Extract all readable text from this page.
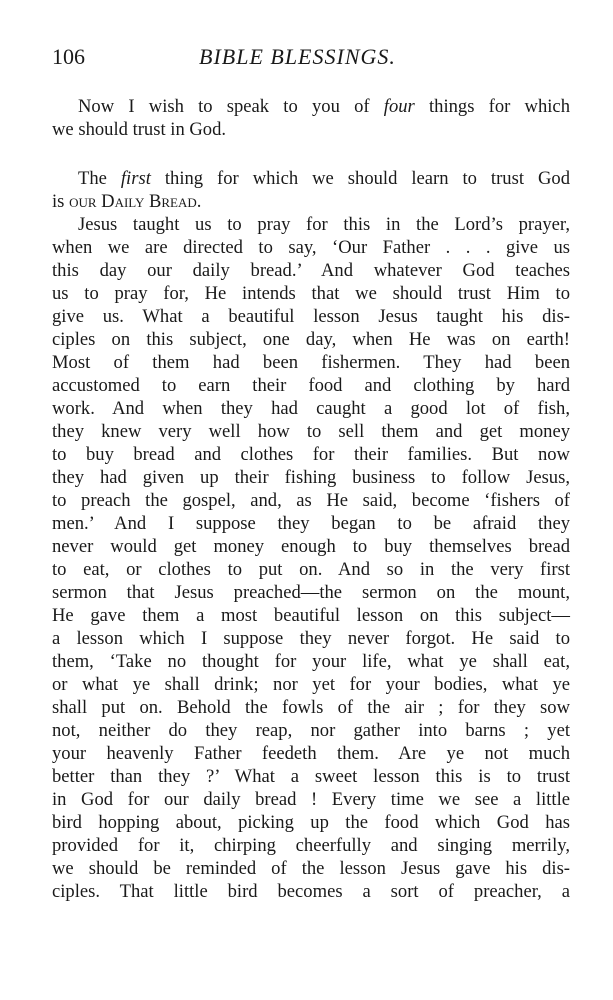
106	BIBLE BLESSINGS.
Now I wish to speak to you of four things for which
we should trust in God.
The first thing for which we should learn to trust God
is our Daily Bread.
Jesus taught us to pray for this in the Lord’s prayer,
when we are directed to say, ‘Our Father . . . give us
this day our daily bread.’ And whatever God teaches
us to pray for, He intends that we should trust Him to
give us. What a beautiful lesson Jesus taught his dis-
ciples on this subject, one day, when He was on earth!
Most of them had been fishermen. They had been
accustomed to earn their food and clothing by hard
work. And when they had caught a good lot of fish,
they knew very well how to sell them and get money
to buy bread and clothes for their families. But now
they had given up their fishing business to follow Jesus,
to preach the gospel, and, as He said, become ‘fishers of
men.’ And I suppose they began to be afraid they
never would get money enough to buy themselves bread
to eat, or clothes to put on. And so in the very first
sermon that Jesus preached—the sermon on the mount,
He gave them a most beautiful lesson on this subject—
a lesson which I suppose they never forgot. He said to
them, ‘Take no thought for your life, what ye shall eat,
or what ye shall drink; nor yet for your bodies, what ye
shall put on. Behold the fowls of the air ; for they sow
not, neither do they reap, nor gather into barns ; yet
your heavenly Father feedeth them. Are ye not much
better than they ?’ What a sweet lesson this is to trust
in God for our daily bread ! Every time we see a little
bird hopping about, picking up the food which God has
provided for it, chirping cheerfully and singing merrily,
we should be reminded of the lesson Jesus gave his dis-
ciples. That little bird becomes a sort of preacher, a
